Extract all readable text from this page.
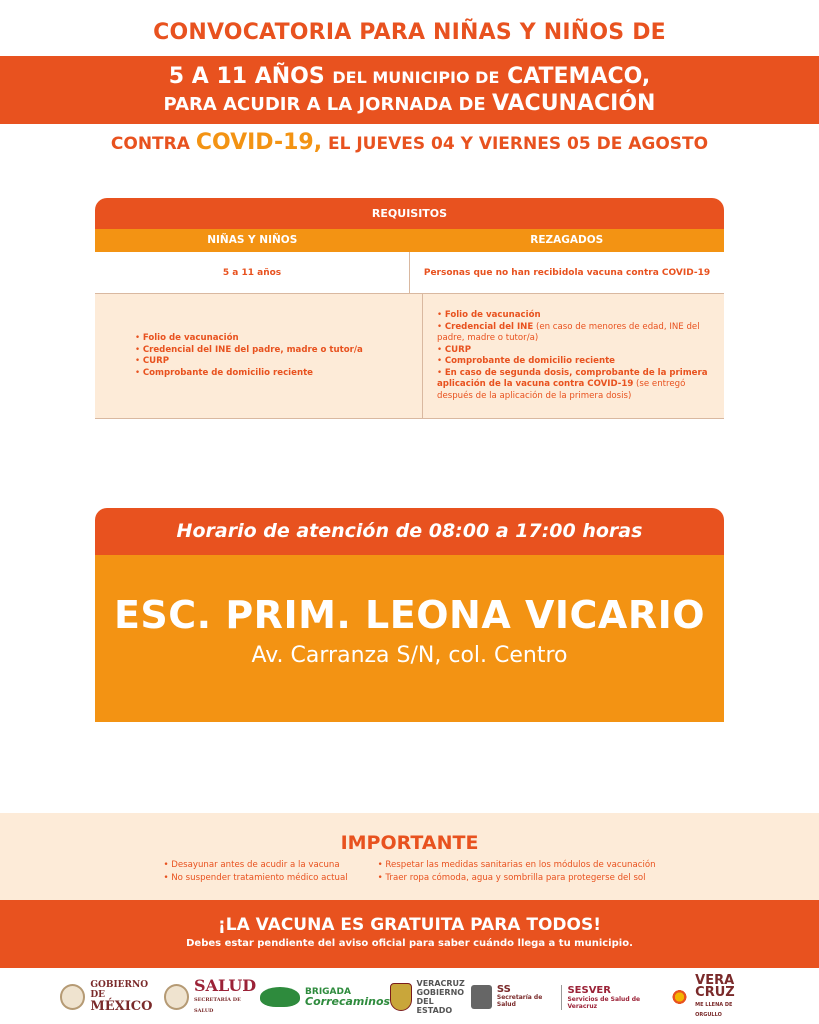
CONVOCATORIA PARA NIÑAS Y NIÑOS DE
5 A 11 AÑOS DEL MUNICIPIO DE CATEMACO,
PARA ACUDIR A LA JORNADA DE VACUNACIÓN
CONTRA COVID-19, EL JUEVES 04 Y VIERNES 05 DE AGOSTO
REQUISITOS
NIÑAS Y NIÑOS	REZAGADOS
5 a 11 años	Personas que no han recibido la vacuna contra COVID-19
• Folio de vacunación
• Credencial del INE del padre, madre o tutor/a
• CURP
• Comprobante de domicilio reciente
• Folio de vacunación
• Credencial del INE (en caso de menores de edad, INE del padre, madre o tutor/a)
• CURP
• Comprobante de domicilio reciente
• En caso de segunda dosis, comprobante de la primera aplicación de la vacuna contra COVID-19 (se entregó después de la aplicación de la primera dosis)
Horario de atención de 08:00 a 17:00 horas
ESC. PRIM. LEONA VICARIO
Av. Carranza S/N, col. Centro
IMPORTANTE
• Desayunar antes de acudir a la vacuna
• No suspender tratamiento médico actual
• Respetar las medidas sanitarias en los módulos de vacunación
• Traer ropa cómoda, agua y sombrilla para protegerse del sol
¡LA VACUNA ES GRATUITA PARA TODOS!
Debes estar pendiente del aviso oficial para saber cuándo llega a tu municipio.
GOBIERNO DE
MÉXICO
SALUD
SECRETARÍA DE SALUD
BRIGADA
Correcaminos
VERACRUZ
GOBIERNO
DEL ESTADO
SS
Secretaría de Salud
SESVER
Servicios de Salud de Veracruz
VERA
CRUZ
ME LLENA DE ORGULLO
